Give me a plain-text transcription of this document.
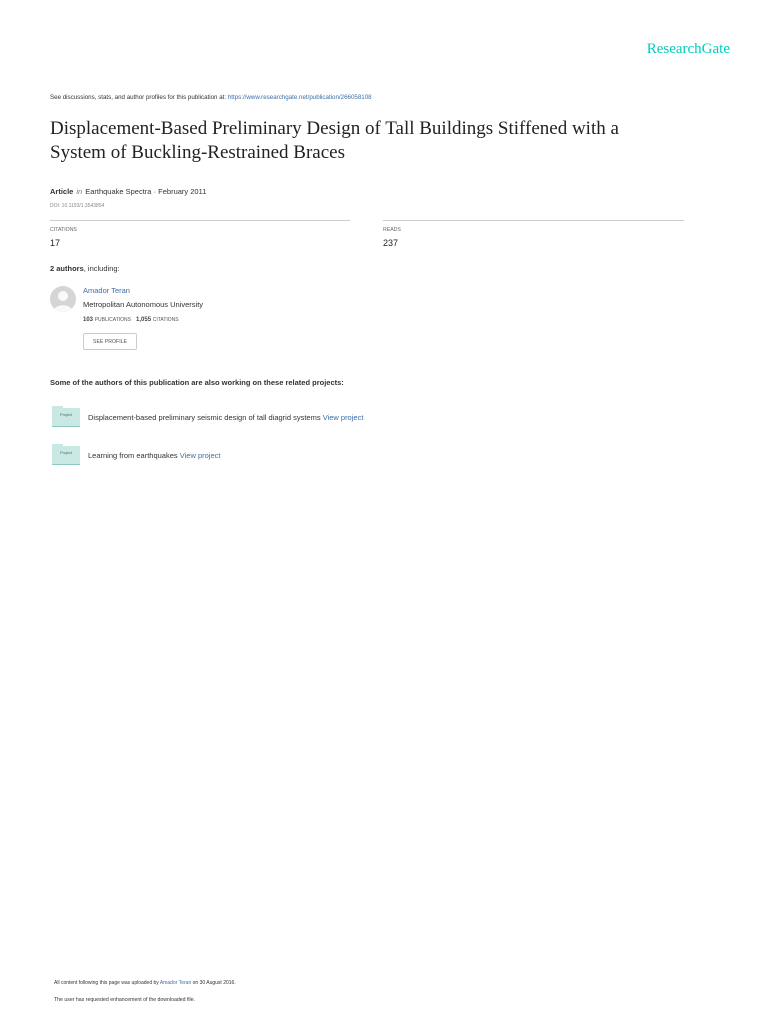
ResearchGate
See discussions, stats, and author profiles for this publication at: https://www.researchgate.net/publication/266058108
Displacement-Based Preliminary Design of Tall Buildings Stiffened with a
System of Buckling-Restrained Braces
Article in Earthquake Spectra · February 2011
DOI: 10.1193/1.3543854
CITATIONS
17
READS
237
2 authors, including:
Amador Teran
Metropolitan Autonomous University
103 PUBLICATIONS 1,055 CITATIONS
SEE PROFILE
Some of the authors of this publication are also working on these related projects:
Project	Displacement-based preliminary seismic design of tall diagrid systems View project
Project	Learning from earthquakes View project
All content following this page was uploaded by Amador Teran on 30 August 2016.
The user has requested enhancement of the downloaded file.
